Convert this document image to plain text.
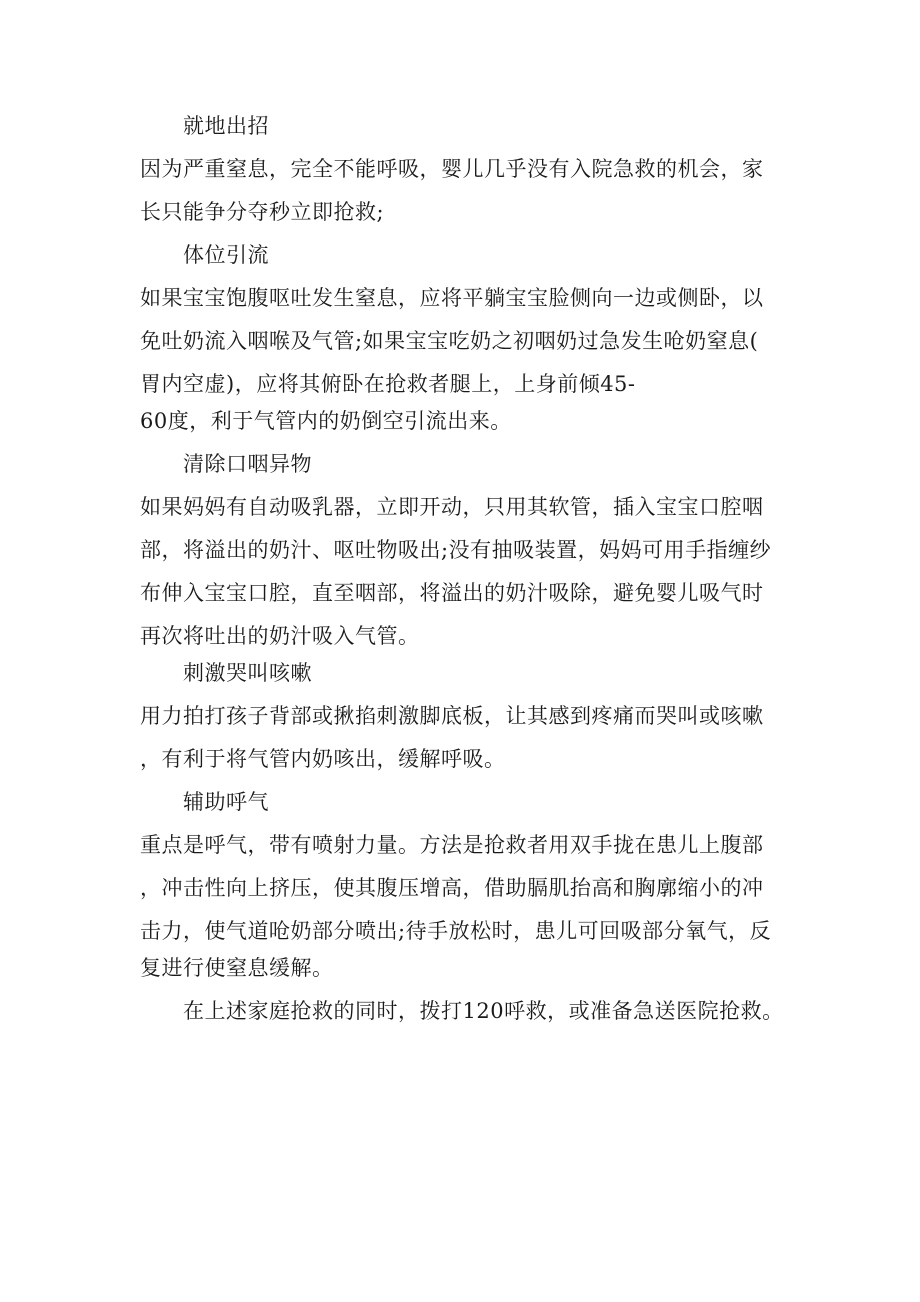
就地出招
因为严重窒息，完全不能呼吸，婴儿几乎没有入院急救的机会，家
长只能争分夺秒立即抢救;
体位引流
如果宝宝饱腹呕吐发生窒息，应将平躺宝宝脸侧向一边或侧卧，以
免吐奶流入咽喉及气管;如果宝宝吃奶之初咽奶过急发生呛奶窒息(
胃内空虚)，应将其俯卧在抢救者腿上，上身前倾45-
60度，利于气管内的奶倒空引流出来。
清除口咽异物
如果妈妈有自动吸乳器，立即开动，只用其软管，插入宝宝口腔咽
部，将溢出的奶汁、呕吐物吸出;没有抽吸装置，妈妈可用手指缠纱
布伸入宝宝口腔，直至咽部，将溢出的奶汁吸除，避免婴儿吸气时
再次将吐出的奶汁吸入气管。
刺激哭叫咳嗽
用力拍打孩子背部或揪掐刺激脚底板，让其感到疼痛而哭叫或咳嗽
，有利于将气管内奶咳出，缓解呼吸。
辅助呼气
重点是呼气，带有喷射力量。方法是抢救者用双手拢在患儿上腹部
，冲击性向上挤压，使其腹压增高，借助膈肌抬高和胸廓缩小的冲
击力，使气道呛奶部分喷出;待手放松时，患儿可回吸部分氧气，反
复进行使窒息缓解。
在上述家庭抢救的同时，拨打120呼救，或准备急送医院抢救。
